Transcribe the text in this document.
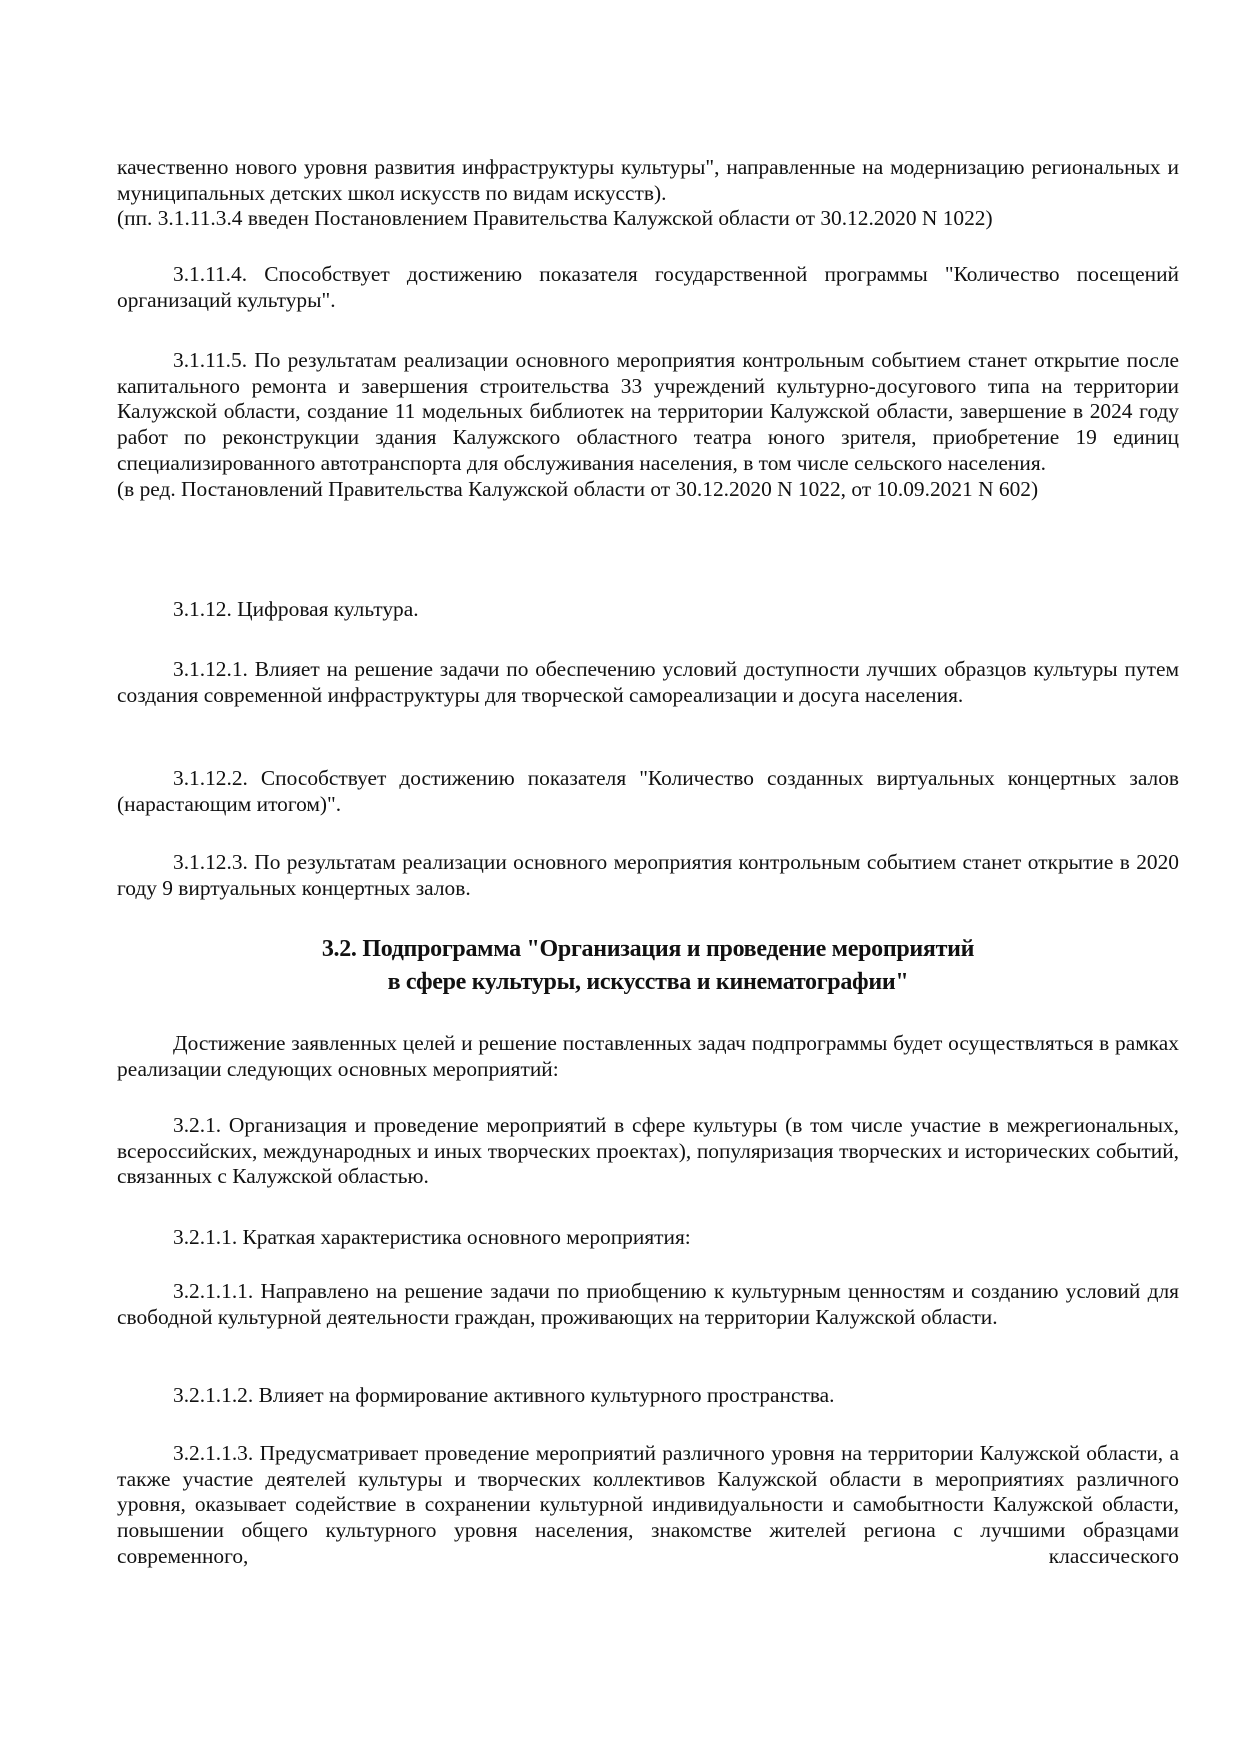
качественно нового уровня развития инфраструктуры культуры", направленные на модернизацию региональных и муниципальных детских школ искусств по видам искусств).

(пп. 3.1.11.3.4 введен Постановлением Правительства Калужской области от 30.12.2020 N 1022)

3.1.11.4. Способствует достижению показателя государственной программы "Количество посещений организаций культуры".

3.1.11.5. По результатам реализации основного мероприятия контрольным событием станет открытие после капитального ремонта и завершения строительства 33 учреждений культурно-досугового типа на территории Калужской области, создание 11 модельных библиотек на территории Калужской области, завершение в 2024 году работ по реконструкции здания Калужского областного театра юного зрителя, приобретение 19 единиц специализированного автотранспорта для обслуживания населения, в том числе сельского населения.

(в ред. Постановлений Правительства Калужской области от 30.12.2020 N 1022, от 10.09.2021 N 602)

3.1.12. Цифровая культура.

3.1.12.1. Влияет на решение задачи по обеспечению условий доступности лучших образцов культуры путем создания современной инфраструктуры для творческой самореализации и досуга населения.

3.1.12.2. Способствует достижению показателя "Количество созданных виртуальных концертных залов (нарастающим итогом)".

3.1.12.3. По результатам реализации основного мероприятия контрольным событием станет открытие в 2020 году 9 виртуальных концертных залов.

3.2. Подпрограмма "Организация и проведение мероприятий
в сфере культуры, искусства и кинематографии"

Достижение заявленных целей и решение поставленных задач подпрограммы будет осуществляться в рамках реализации следующих основных мероприятий:

3.2.1. Организация и проведение мероприятий в сфере культуры (в том числе участие в межрегиональных, всероссийских, международных и иных творческих проектах), популяризация творческих и исторических событий, связанных с Калужской областью.

3.2.1.1. Краткая характеристика основного мероприятия:

3.2.1.1.1. Направлено на решение задачи по приобщению к культурным ценностям и созданию условий для свободной культурной деятельности граждан, проживающих на территории Калужской области.

3.2.1.1.2. Влияет на формирование активного культурного пространства.

3.2.1.1.3. Предусматривает проведение мероприятий различного уровня на территории Калужской области, а также участие деятелей культуры и творческих коллективов Калужской области в мероприятиях различного уровня, оказывает содействие в сохранении культурной индивидуальности и самобытности Калужской области, повышении общего культурного уровня населения, знакомстве жителей региона с лучшими образцами современного, классического
